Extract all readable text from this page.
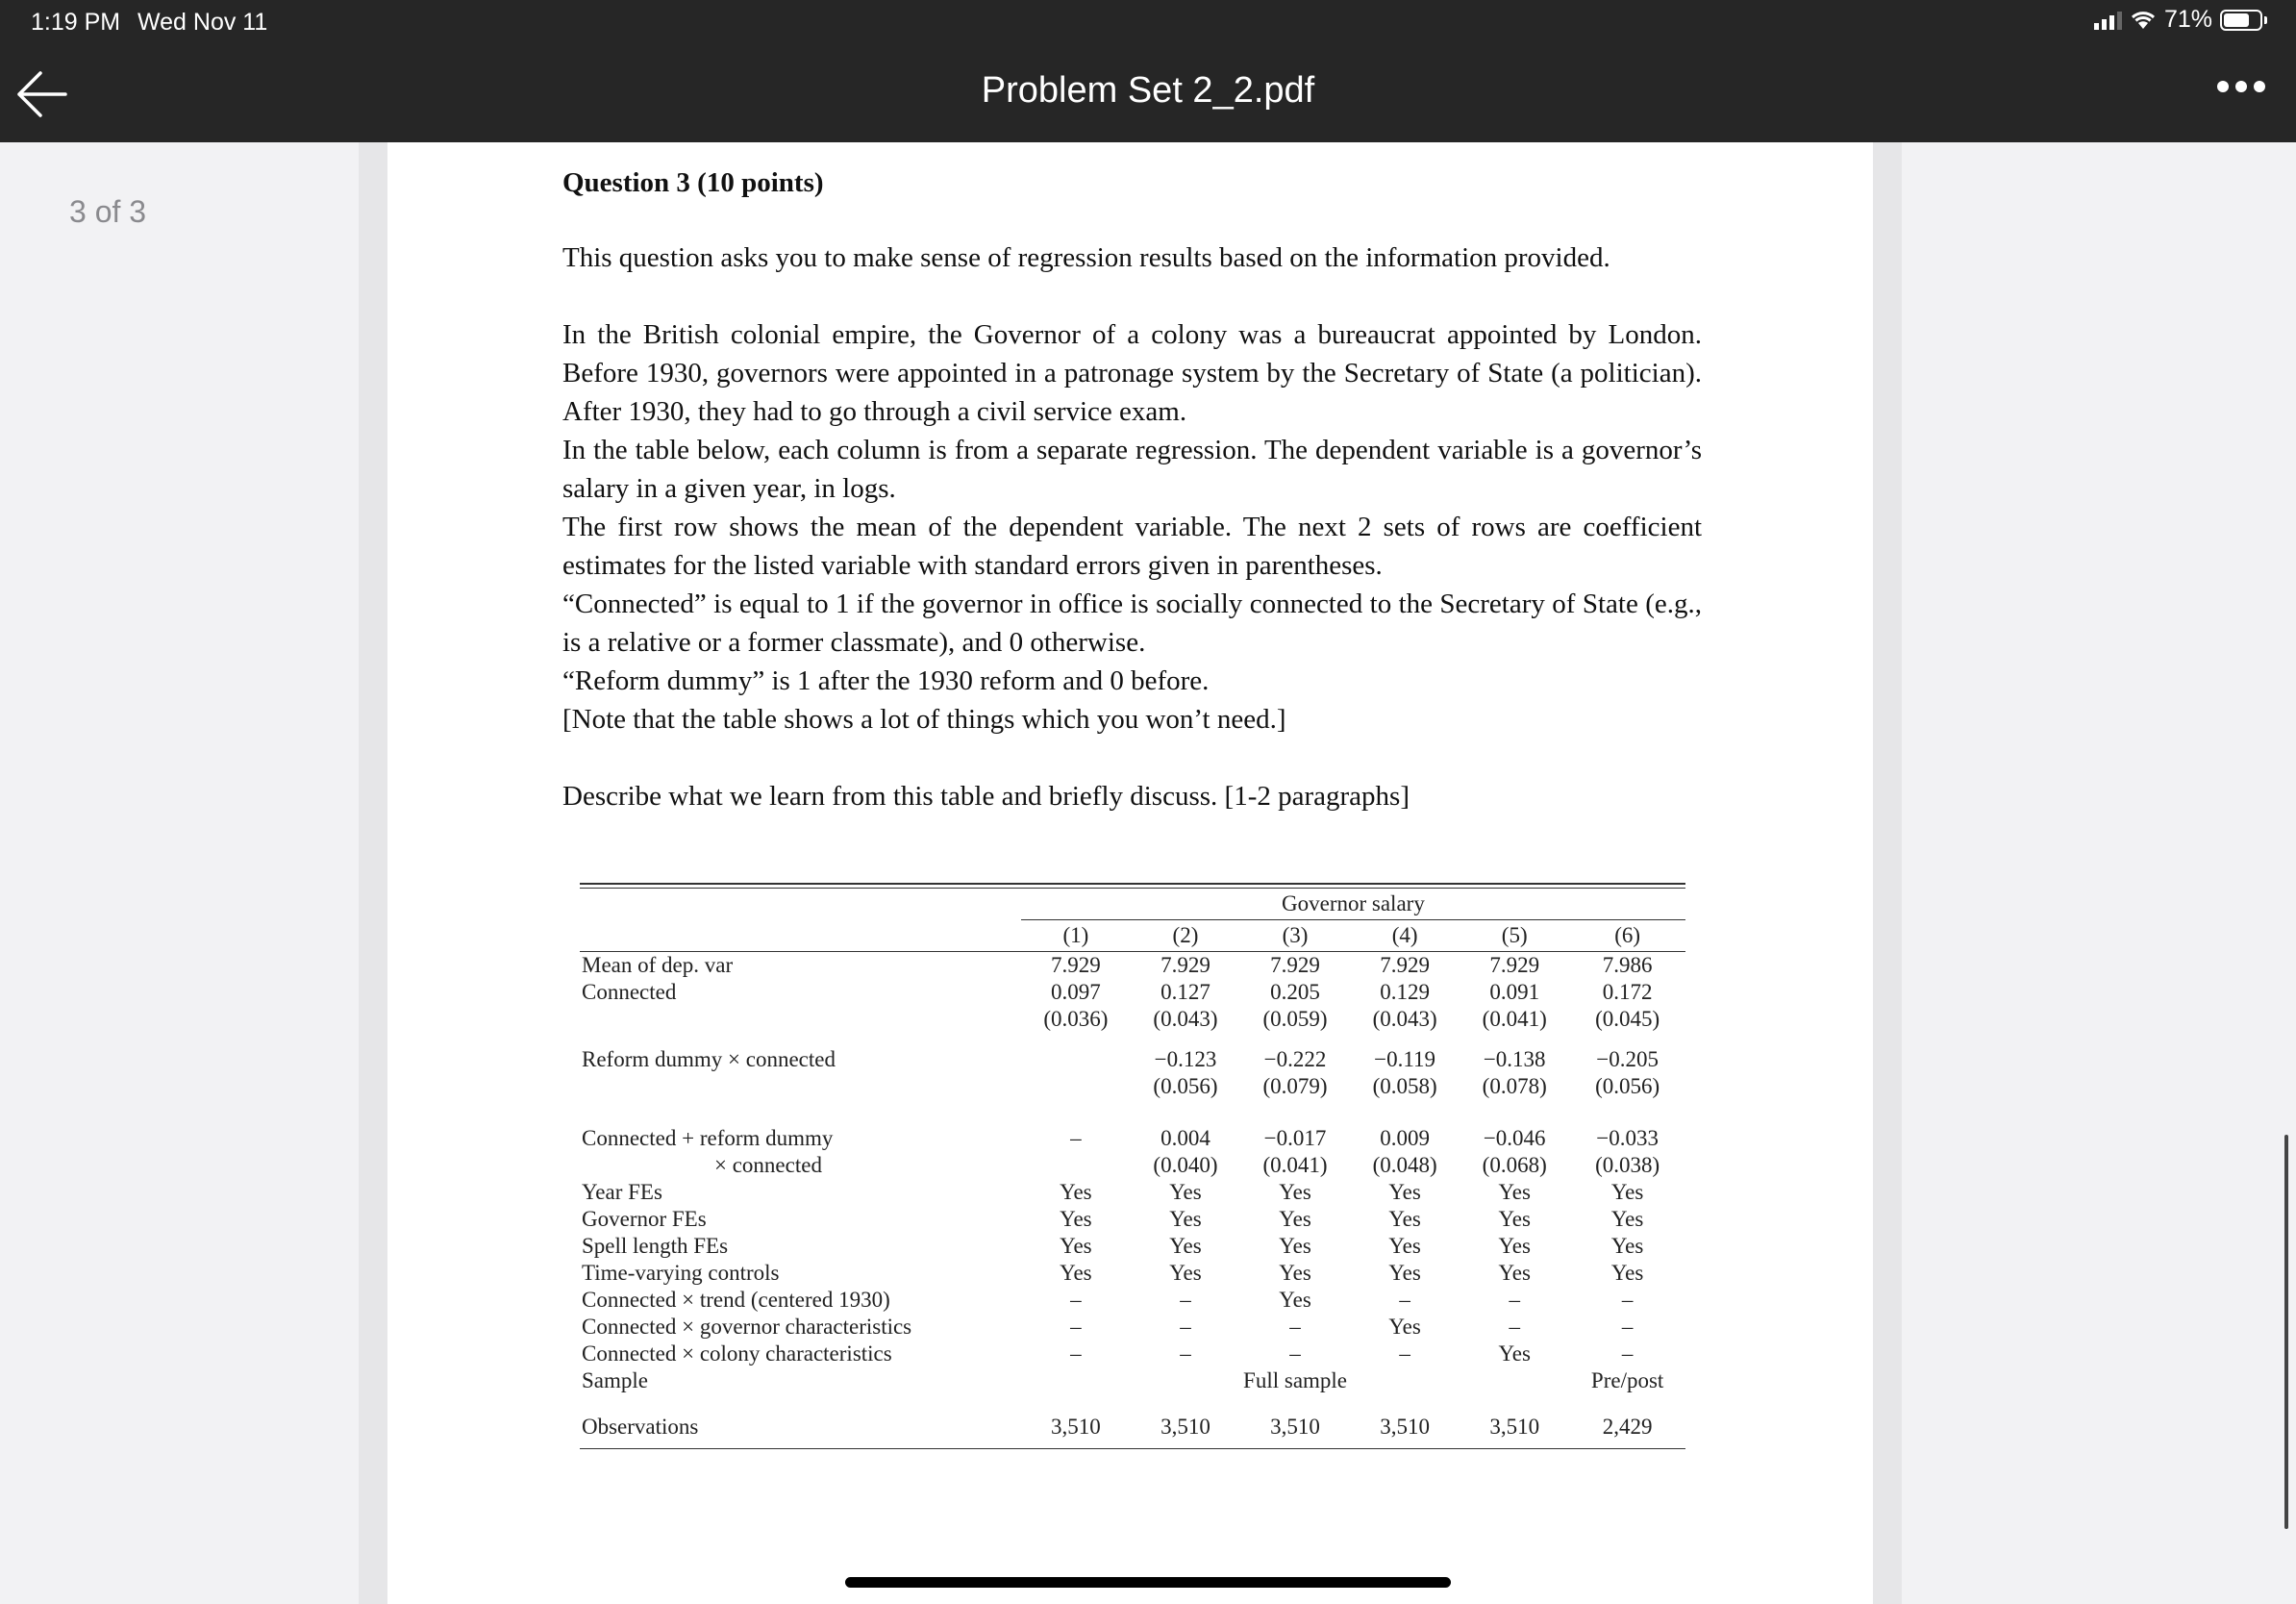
1:19 PM Wed Nov 11	71%
Problem Set 2_2.pdf
3 of 3
Question 3 (10 points)

This question asks you to make sense of regression results based on the information provided.

In the British colonial empire, the Governor of a colony was a bureaucrat appointed by London. Before 1930, governors were appointed in a patronage system by the Secretary of State (a politician). After 1930, they had to go through a civil service exam.

In the table below, each column is from a separate regression. The dependent variable is a governor’s salary in a given year, in logs.

The first row shows the mean of the dependent variable. The next 2 sets of rows are coefficient estimates for the listed variable with standard errors given in parentheses.

“Connected” is equal to 1 if the governor in office is socially connected to the Secretary of State (e.g., is a relative or a former classmate), and 0 otherwise.

“Reform dummy” is 1 after the 1930 reform and 0 before.

[Note that the table shows a lot of things which you won’t need.]

Describe what we learn from this table and briefly discuss. [1-2 paragraphs]

	Governor salary					
	(1)	(2)	(3)	(4)	(5)	(6)
Mean of dep. var	7.929	7.929	7.929	7.929	7.929	7.986
Connected	0.097	0.127	0.205	0.129	0.091	0.172
	(0.036)	(0.043)	(0.059)	(0.043)	(0.041)	(0.045)

Reform dummy × connected		−0.123	−0.222	−0.119	−0.138	−0.205
		(0.056)	(0.079)	(0.058)	(0.078)	(0.056)

Connected + reform dummy	–	0.004	−0.017	0.009	−0.046	−0.033
× connected		(0.040)	(0.041)	(0.048)	(0.068)	(0.038)
Year FEs	Yes	Yes	Yes	Yes	Yes	Yes
Governor FEs	Yes	Yes	Yes	Yes	Yes	Yes
Spell length FEs	Yes	Yes	Yes	Yes	Yes	Yes
Time-varying controls	Yes	Yes	Yes	Yes	Yes	Yes
Connected × trend (centered 1930)	–	–	Yes	–	–	–
Connected × governor characteristics	–	–	–	Yes	–	–
Connected × colony characteristics	–	–	–	–	Yes	–
Sample			Full sample			Pre/post

Observations	3,510	3,510	3,510	3,510	3,510	2,429
